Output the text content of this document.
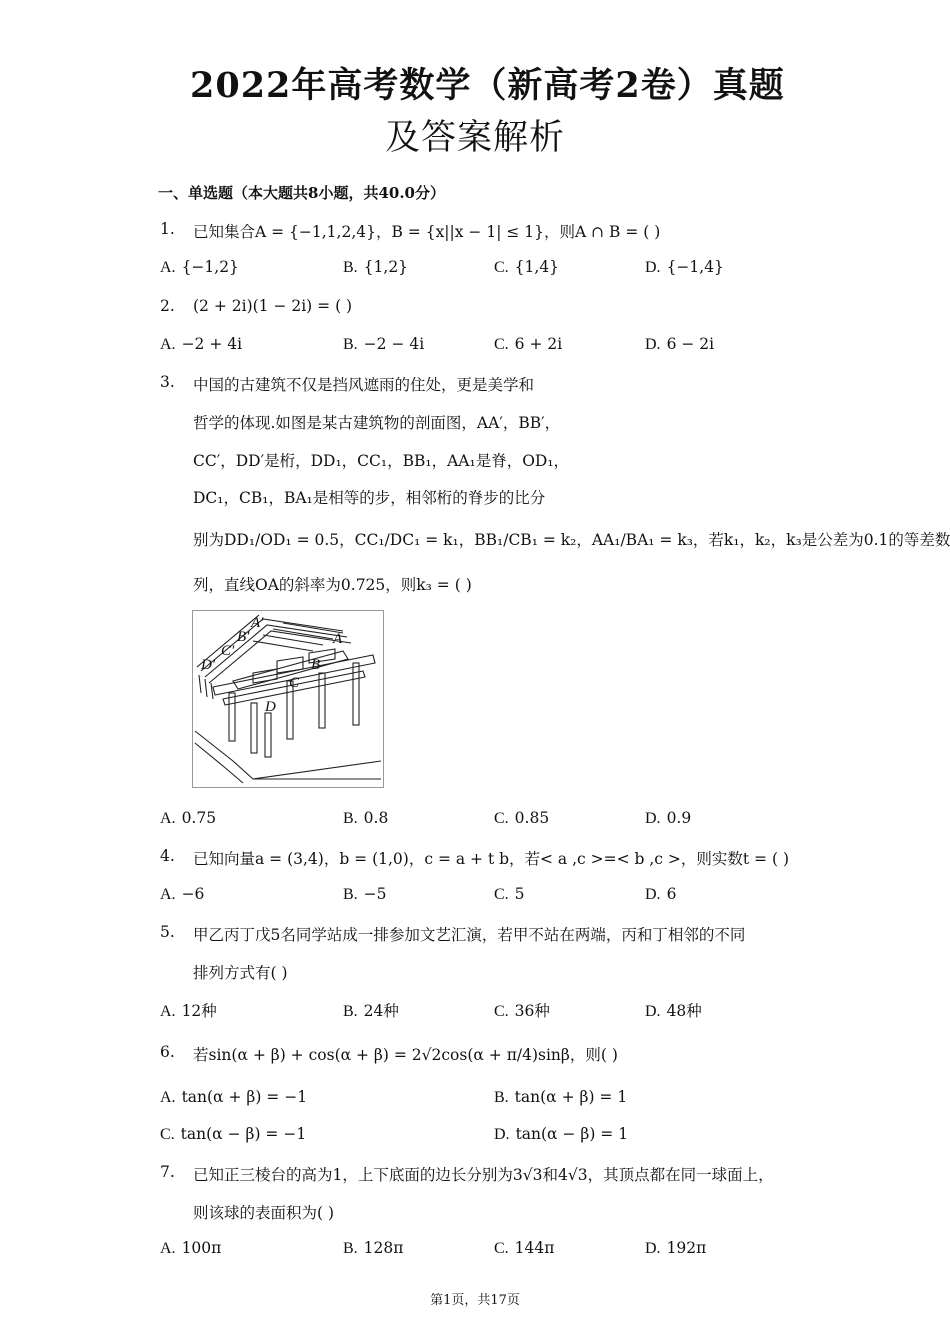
2022年高考数学（新高考2卷）真题
及答案解析
一、单选题（本大题共8小题，共40.0分）
1. 已知集合A = {−1,1,2,4}，B = {x||x − 1| ≤ 1}，则A ∩ B = ( )
A. {−1,2}	B. {1,2}	C. {1,4}	D. {−1,4}
2. (2 + 2i)(1 − 2i) = ( )
A. −2 + 4i	B. −2 − 4i	C. 6 + 2i	D. 6 − 2i
3. 中国的古建筑不仅是挡风遮雨的住处，更是美学和
哲学的体现.如图是某古建筑物的剖面图，AA′，BB′，
CC′，DD′是桁，DD₁，CC₁，BB₁，AA₁是脊，OD₁，
DC₁，CB₁，BA₁是相等的步，相邻桁的脊步的比分
别为DD₁/OD₁ = 0.5，CC₁/DC₁ = k₁，BB₁/CB₁ = k₂，AA₁/BA₁ = k₃，若k₁，k₂，k₃是公差为0.1的等差数
列，直线OA的斜率为0.725，则k₃ = ( )
A′
B′
C′
D′
A
B
C
D
A. 0.75	B. 0.8	C. 0.85	D. 0.9
4. 已知向量a = (3,4)，b = (1,0)，c = a + t b，若< a ,c >=< b ,c >，则实数t = ( )
A. −6	B. −5	C. 5	D. 6
5. 甲乙丙丁戊5名同学站成一排参加文艺汇演，若甲不站在两端，丙和丁相邻的不同
排列方式有( )
A. 12种	B. 24种	C. 36种	D. 48种
6. 若sin(α + β) + cos(α + β) = 2√2cos(α + π/4)sinβ，则( )
A. tan(α + β) = −1	B. tan(α + β) = 1
C. tan(α − β) = −1	D. tan(α − β) = 1
7. 已知正三棱台的高为1，上下底面的边长分别为3√3和4√3，其顶点都在同一球面上，
则该球的表面积为( )
A. 100π	B. 128π	C. 144π	D. 192π
第1页，共17页
